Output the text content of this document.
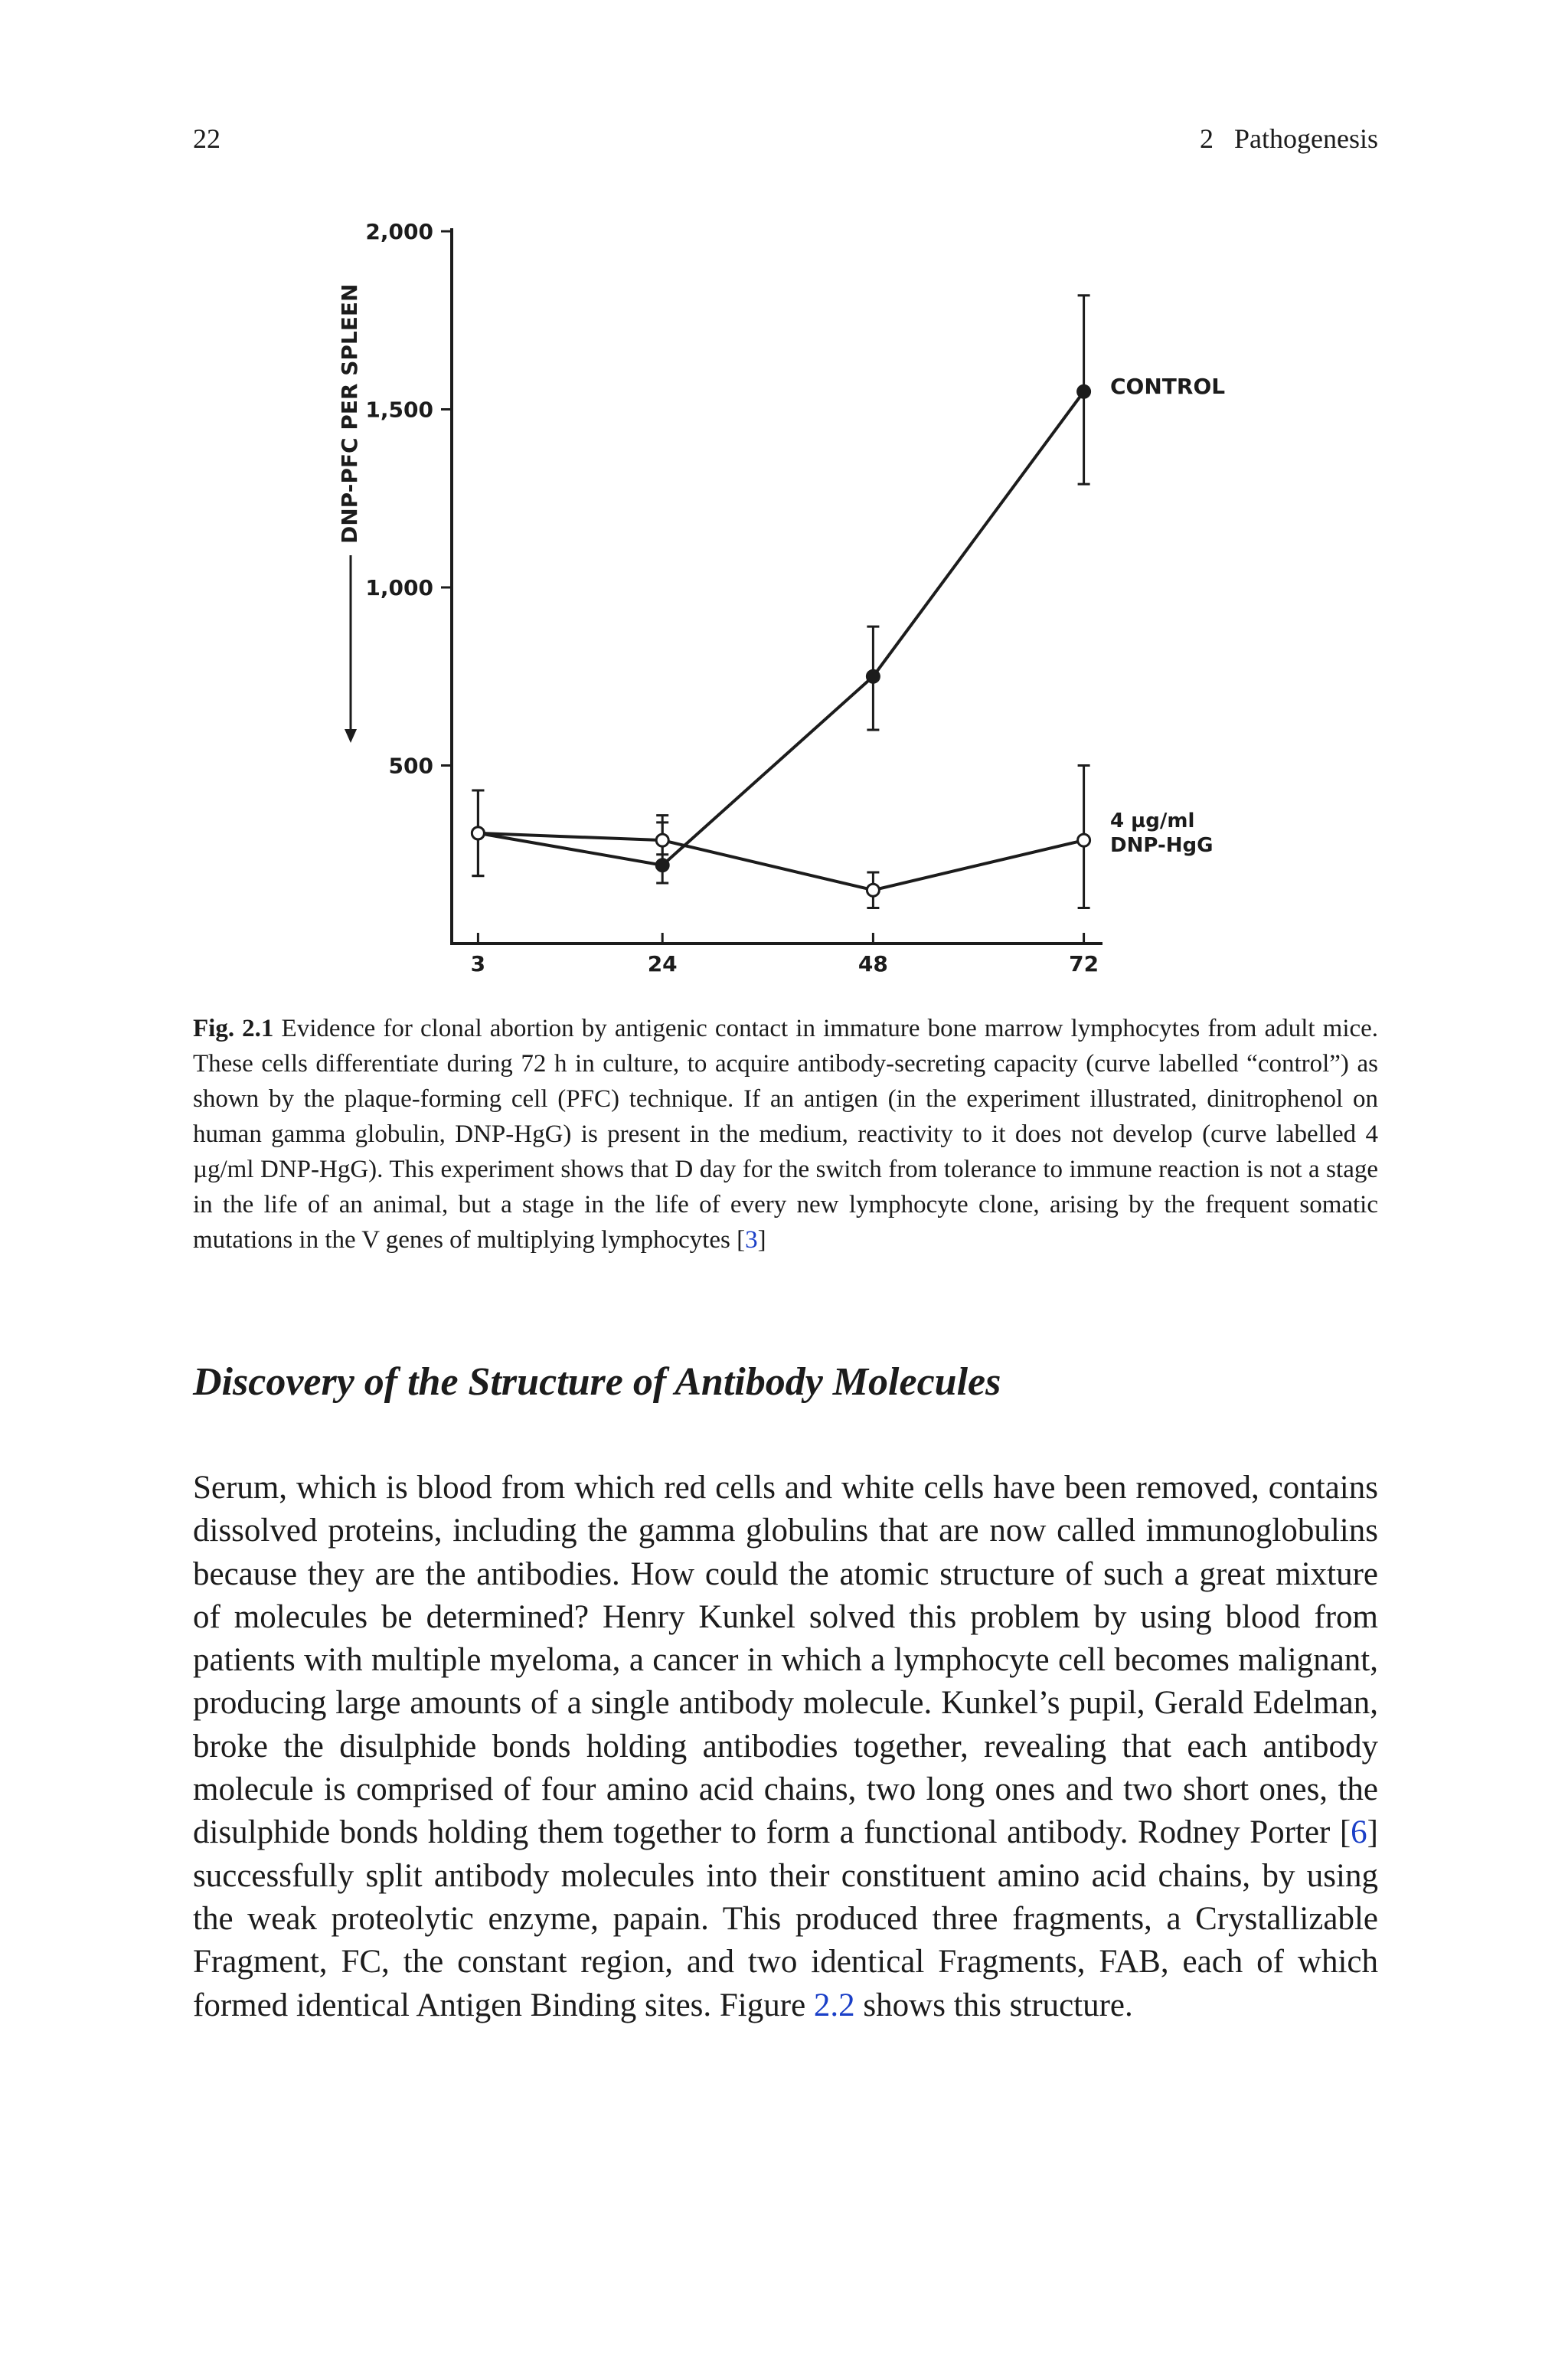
22	2   Pathogenesis
DNP-PFC PER SPLEEN
2,000
1,500
1,000
500
3	24	48	72
CONTROL
4 µg/ml
DNP-HgG
Fig. 2.1 Evidence for clonal abortion by antigenic contact in immature bone marrow lymphocytes from adult mice. These cells differentiate during 72 h in culture, to acquire antibody-secreting capacity (curve labelled “control”) as shown by the plaque-forming cell (PFC) technique. If an antigen (in the experiment illustrated, dinitrophenol on human gamma globulin, DNP-HgG) is present in the medium, reactivity to it does not develop (curve labelled 4 µg/ml DNP-HgG). This experiment shows that D day for the switch from tolerance to immune reaction is not a stage in the life of an animal, but a stage in the life of every new lymphocyte clone, arising by the frequent somatic mutations in the V genes of multiplying lymphocytes [3]
Discovery of the Structure of Antibody Molecules

Serum, which is blood from which red cells and white cells have been removed, contains dissolved proteins, including the gamma globulins that are now called immunoglobulins because they are the antibodies. How could the atomic structure of such a great mixture of molecules be determined? Henry Kunkel solved this problem by using blood from patients with multiple myeloma, a cancer in which a lymphocyte cell becomes malignant, producing large amounts of a single antibody molecule. Kunkel’s pupil, Gerald Edelman, broke the disulphide bonds holding antibodies together, revealing that each antibody molecule is comprised of four amino acid chains, two long ones and two short ones, the disulphide bonds holding them together to form a functional antibody. Rodney Porter [6] successfully split antibody molecules into their constituent amino acid chains, by using the weak proteolytic enzyme, papain. This produced three fragments, a Crystallizable Fragment, FC, the constant region, and two identical Fragments, FAB, each of which formed identical Antigen Binding sites. Figure 2.2 shows this structure.
